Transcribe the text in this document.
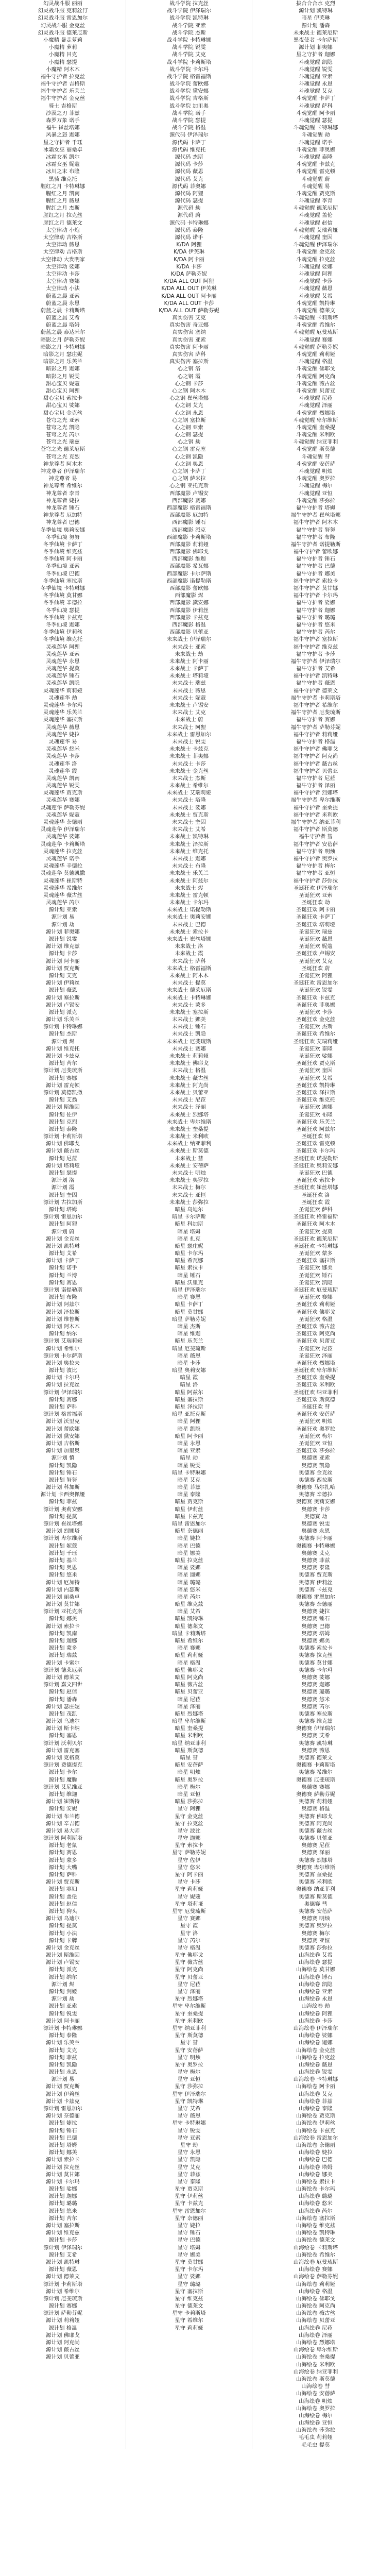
幻灵战斗服 丽丽	战斗学院 拉克丝	拔合合合水 克烈
幻灵战斗服 克莉丝汀	战斗学院 伊泽瑞尔	源计划 凯特琳
幻灵战斗服 雷恩加尔	战斗学院 凯特琳	暗星 伊芙琳
幻灵战斗服 金克丝	战斗学院 亚索	源计划 潘森
幻灵战斗服 德莱厄斯	战斗学院 杰斯	未来战士 德莱厄斯
小魔精 暴走萝莉	战斗学院 卡特琳娜	黑夜使者 卡尔萨斯
小魔精 萝莉	战斗学院 锐雯	源计划 菲奥娜
小魔精 吕克	战斗学院 艾克	星之守护者 迦娜
小魔精 瑟提	战斗学院 卡莉斯塔	斗魂觉醒 凯隐
小魔精 阿木木	战斗学院 卡尔玛	斗魂觉醒 锐雯
福牛守护者 拉克丝	战斗学院 格雷福斯	斗魂觉醒 亚索
福牛守护者 吉格斯	战斗学院 蕾欧娜	斗魂觉醒 永恩
福牛守护者 乐芙兰	战斗学院 黛安娜	斗魂觉醒 艾克
福牛守护者 金克丝	战斗学院 吉格斯	斗魂觉醒 卡萨丁
骑士 吉格斯	战斗学院 加里奥	斗魂觉醒 萨科
沙漠之刃 菲兹	战斗学院 诺手	斗魂觉醒 阿卡丽
森罗万象 诺手	战斗学院 瑟提	斗魂觉醒 瑟提
福牛 崔丝塔娜	战斗学院 格温	斗魂觉醒 卡特琳娜
风暴之怒 迦娜	源代码 伊泽瑞尔	斗魂觉醒 劫
星之守护者 千珏	源代码 卡萨丁	斗魂觉醒 诺手
冰霜女巫 丽桑卓	源代码 维克托	斗魂觉醒 菲奥娜
冰霜女巫 凯尔	源代码 杰斯	斗魂觉醒 泰隆
冰霜女巫 妮蔻	源代码 卡莎	斗魂觉醒 卡兹克
冰川之末 布隆	源代码 薇恩	斗魂觉醒 雷克顿
黑骑 维克托	源代码 艾克	斗魂觉醒 蔚
腥红之月 卡特琳娜	源代码 菲奥娜	斗魂觉醒 易
腥红之月 凯南	源代码 阿狸	斗魂觉醒 贾克斯
腥红之月 薇恩	源代码 瑟提	斗魂觉醒 李青
腥红之月 杰斯	源代码 劫	斗魂觉醒 德莱厄斯
腥红之月 拉克丝	源代码 蔚	斗魂觉醒 盖伦
腥红之月 德莱文	源代码 卡特琳娜	斗魂觉醒 赵信
太空律动 小炮	源代码 泰隆	斗魂觉醒 艾瑞莉娅
太空律动 吉格斯	源代码 诺手	斗魂觉醒 奎因
太空律动 薇恩	K/DA 阿狸	斗魂觉醒 伊泽瑞尔
太空律动 吉格斯	K/DA 伊芙琳	斗魂觉醒 金克丝
太空律动 大发明家	K/DA 阿卡丽	斗魂觉醒 拉克丝
太空律动 娑娜	K/DA 卡莎	斗魂觉醒 娑娜
太空律动 卡莎	K/DA 萨勒芬妮	斗魂觉醒 阿狸
太空律动 赛娜	K/DA ALL OUT 阿狸	斗魂觉醒 卡莎
太空律动 小法	K/DA ALL OUT 伊芙琳	斗魂觉醒 薇恩
蔚蓝之晨 亚索	K/DA ALL OUT 阿卡丽	斗魂觉醒 艾希
蔚蓝之晨 永恩	K/DA ALL OUT 卡莎	斗魂觉醒 凯特琳
蔚蓝之晨 卡莉斯塔	K/DA ALL OUT 萨勒芬妮	斗魂觉醒 德莱文
蔚蓝之晨 艾希	真实伤害 艾克	斗魂觉醒 卡莉斯塔
蔚蓝之晨 塔姆	真实伤害 奇亚娜	斗魂觉醒 希维尔
蔚蓝之晨 泰达米尔	真实伤害 塞纳	斗魂觉醒 厄斐琉斯
暗影之月 萨勒芬妮	真实伤害 亚索	斗魂觉醒 赛娜
暗影之月 卡特琳娜	真实伤害 阿卡丽	斗魂觉醒 萨勒芬妮
暗影之月 瑟庄妮	真实伤害 萨科	斗魂觉醒 莉莉娅
暗影之月 乐芙兰	真实伤害 塞拉斯	斗魂觉醒 格温
暗影之月 迦娜	心之钢 洛	斗魂觉醒 佛耶戈
暗影之月 锐雯	心之钢 霞	斗魂觉醒 阿克尚
甜心宝贝 妮蔻	心之钢 卡莎	斗魂觉醒 薇古丝
甜心宝贝 阿狸	心之钢 阿木木	斗魂觉醒 贝蕾亚
甜心宝贝 索拉卡	心之钢 崔丝塔娜	斗魂觉醒 尼菈
甜心宝贝 娑娜	心之钢 艾克	斗魂觉醒 泽丽
甜心宝贝 金克丝	心之钢 永恩	斗魂觉醒 烈娜塔
苍穹之光 亚索	心之钢 塞拉斯	斗魂觉醒 卑尔维斯
苍穹之光 凯隐	心之钢 亚索	斗魂觉醒 奎桑提
苍穹之光 芮尔	心之钢 瑟提	斗魂觉醒 米利欧
苍穹之光 瑞兹	心之钢 劫	斗魂觉醒 纳亚菲利
苍穹之光 德莱厄斯	心之钢 雷克塞	斗魂觉醒 斯莫德
苍穹之光 克烈	心之钢 凯隐	斗魂觉醒 彗
神龙尊者 阿木木	心之钢 奥恩	斗魂觉醒 安蓓萨
神龙尊者 伊泽瑞尔	心之钢 卡萨丁	斗魂觉醒 明烛
神龙尊者 易	心之钢 萨米拉	斗魂觉醒 奥罗拉
神龙尊者 希维尔	心之钢 亚托克斯	斗魂觉醒 梅尔
神龙尊者 李青	西部魔影 卢锡安	斗魂觉醒 亚恒
神龙尊者 婕拉	西部魔影 赛娜	斗魂觉醒 莎弥拉
神龙尊者 锤石	西部魔影 格雷福斯	福牛守护者 塔姆
神龙尊者 厄加特	西部魔影 厄加特	福牛守护者 崔丝塔娜
神龙尊者 巴德	西部魔影 锤石	福牛守护者 阿木木
冬季仙境 奥莉安娜	西部魔影 派克	福牛守护者 努努
冬季仙境 努努	西部魔影 卡莉斯塔	福牛守护者 布隆
冬季仙境 卡萨丁	西部魔影 莉莉娅	福牛守护者 诺提勒斯
冬季仙境 维克兹	西部魔影 佛耶戈	福牛守护者 蕾欧娜
冬季仙境 阿卡丽	西部魔影 维迦	福牛守护者 锤石
冬季仙境 亚索	西部魔影 希瓦娜	福牛守护者 巴德
冬季仙境 巴德	西部魔影 卡尔萨斯	福牛守护者 娜美
冬季仙境 塞拉斯	西部魔影 诺提勒斯	福牛守护者 索拉卡
冬季仙境 卡特琳娜	西部魔影 蕾欧娜	福牛守护者 莫甘娜
冬季仙境 莫甘娜	西部魔影 烬	福牛守护者 卡尔玛
冬季仙境 辛德拉	西部魔影 黛安娜	福牛守护者 娑娜
冬季仙境 瑟提	西部魔影 伊莉丝	福牛守护者 迦娜
冬季仙境 卡兹克	西部魔影 卡兹克	福牛守护者 璐璐
冬季仙境 迦娜	西部魔影 格温	福牛守护者 悠米
冬季仙境 伊莉丝	西部魔影 贝蕾亚	福牛守护者 芮尔
冬季仙境 维克托	未来战士 伊泽瑞尔	福牛守护者 塞拉斯
灵魂莲华 阿狸	未来战士 亚索	福牛守护者 维克兹
灵魂莲华 亚索	未来战士 劫	福牛守护者 卡莎
灵魂莲华 永恩	未来战士 阿卡丽	福牛守护者 伊泽瑞尔
灵魂莲华 提莫	未来战士 卡萨丁	福牛守护者 艾希
灵魂莲华 锤石	未来战士 塔莉垭	福牛守护者 凯特琳
灵魂莲华 凯隐	未来战士 瑞兹	福牛守护者 薇恩
灵魂莲华 莉莉娅	未来战士 薇恩	福牛守护者 德莱文
灵魂莲华 劫	未来战士 妮蔻	福牛守护者 卡莉斯塔
灵魂莲华 卡尔玛	未来战士 卢锡安	福牛守护者 希维尔
灵魂莲华 乐芙兰	未来战士 艾克	福牛守护者 厄斐琉斯
灵魂莲华 塞拉斯	未来战士 蔚	福牛守护者 赛娜
灵魂莲华 薇恩	未来战士 阿狸	福牛守护者 萨勒芬妮
灵魂莲华 婕拉	未来战士 雷恩加尔	福牛守护者 莉莉娅
灵魂莲华 易	未来战士 锐雯	福牛守护者 格温
灵魂莲华 悠米	未来战士 卡兹克	福牛守护者 佛耶戈
灵魂莲华 卡莎	未来战士 菲奥娜	福牛守护者 阿克尚
灵魂莲华 洛	未来战士 卡莎	福牛守护者 薇古丝
灵魂莲华 霞	未来战士 金克丝	福牛守护者 贝蕾亚
灵魂莲华 凯南	未来战士 杰斯	福牛守护者 尼菈
灵魂莲华 锐雯	未来战士 希维尔	福牛守护者 泽丽
灵魂莲华 贾克斯	未来战士 艾瑞莉娅	福牛守护者 烈娜塔
灵魂莲华 赛娜	未来战士 塔隆	福牛守护者 卑尔维斯
灵魂莲华 萨勒芬妮	未来战士 娑娜	福牛守护者 奎桑提
灵魂莲华 妮蔻	未来战士 贾克斯	福牛守护者 米利欧
灵魂莲华 奈德丽	未来战士 奎因	福牛守护者 纳亚菲利
灵魂莲华 伊泽瑞尔	未来战士 艾希	福牛守护者 斯莫德
灵魂莲华 娑娜	未来战士 凯特琳	福牛守护者 彗
灵魂莲华 卡莉斯塔	未来战士 泽拉斯	福牛守护者 安蓓萨
灵魂莲华 拉克丝	未来战士 维克托	福牛守护者 明烛
灵魂莲华 诺手	未来战士 迦娜	福牛守护者 奥罗拉
灵魂莲华 辛德拉	未来战士 布隆	福牛守护者 梅尔
灵魂莲华 莫德凯撒	未来战士 乐芙兰	福牛守护者 亚恒
灵魂莲华 崔斯特	未来战士 阿兹尔	福牛守护者 莎弥拉
灵魂莲华 希维尔	未来战士 烬	圣诞狂欢 伊泽瑞尔
灵魂莲华 薇古丝	未来战士 雷克顿	圣诞狂欢 亚索
灵魂莲华 芮尔	未来战士 卡尔玛	圣诞狂欢 劫
源计划 亚索	未来战士 诺提勒斯	圣诞狂欢 阿卡丽
源计划 易	未来战士 奥莉安娜	圣诞狂欢 卡萨丁
源计划 劫	未来战士 巴德	圣诞狂欢 塔莉垭
源计划 菲奥娜	未来战士 索拉卡	圣诞狂欢 瑞兹
源计划 锐雯	未来战士 崔丝塔娜	圣诞狂欢 薇恩
源计划 维克兹	未来战士 洛	圣诞狂欢 妮蔻
源计划 卡莎	未来战士 霞	圣诞狂欢 卢锡安
源计划 阿卡丽	未来战士 萨科	圣诞狂欢 艾克
源计划 贾克斯	未来战士 格雷福斯	圣诞狂欢 蔚
源计划 艾克	未来战士 阿木木	圣诞狂欢 阿狸
源计划 伊莉丝	未来战士 提莫	圣诞狂欢 雷恩加尔
源计划 薇恩	未来战士 德莱厄斯	圣诞狂欢 锐雯
源计划 塞拉斯	未来战士 卡特琳娜	圣诞狂欢 卡兹克
源计划 卢锡安	未来战士 蒙多	圣诞狂欢 菲奥娜
源计划 派克	未来战士 塞拉斯	圣诞狂欢 卡莎
源计划 乐芙兰	未来战士 娜美	圣诞狂欢 金克丝
源计划 卡特琳娜	未来战士 锤石	圣诞狂欢 杰斯
源计划 杰斯	未来战士 凯隐	圣诞狂欢 希维尔
源计划 烬	未来战士 厄斐琉斯	圣诞狂欢 艾瑞莉娅
源计划 维克托	未来战士 赛娜	圣诞狂欢 泰隆
源计划 卡兹克	未来战士 莉莉娅	圣诞狂欢 娑娜
源计划 芮尔	未来战士 佛耶戈	圣诞狂欢 贾克斯
源计划 厄斐琉斯	未来战士 格温	圣诞狂欢 奎因
源计划 赛娜	未来战士 薇古丝	圣诞狂欢 艾希
源计划 雷克顿	未来战士 阿克尚	圣诞狂欢 凯特琳
源计划 莫德凯撒	未来战士 贝蕾亚	圣诞狂欢 泽拉斯
源计划 艾翁	未来战士 尼菈	圣诞狂欢 维克托
源计划 斯维因	未来战士 泽丽	圣诞狂欢 迦娜
源计划 佐伊	未来战士 烈娜塔	圣诞狂欢 布隆
源计划 克烈	未来战士 卑尔维斯	圣诞狂欢 乐芙兰
源计划 泰隆	未来战士 奎桑提	圣诞狂欢 阿兹尔
源计划 卡莉斯塔	未来战士 米利欧	圣诞狂欢 烬
源计划 佛耶戈	未来战士 纳亚菲利	圣诞狂欢 雷克顿
源计划 薇古丝	未来战士 斯莫德	圣诞狂欢 卡尔玛
源计划 尼菈	未来战士 彗	圣诞狂欢 诺提勒斯
源计划 塔莉垭	未来战士 安蓓萨	圣诞狂欢 奥莉安娜
源计划 瑟提	未来战士 明烛	圣诞狂欢 巴德
源计划 洛	未来战士 奥罗拉	圣诞狂欢 索拉卡
源计划 霞	未来战士 梅尔	圣诞狂欢 崔丝塔娜
源计划 奎因	未来战士 亚恒	圣诞狂欢 洛
源计划 古拉加斯	未来战士 莎弥拉	圣诞狂欢 霞
源计划 塔姆	暗星 乌迪尔	圣诞狂欢 萨科
源计划 雷恩加尔	暗星 卡尔萨斯	圣诞狂欢 格雷福斯
源计划 阿狸	暗星 科加斯	圣诞狂欢 阿木木
源计划 蔚	暗星 塔姆	圣诞狂欢 提莫
源计划 金克丝	暗星 扎克	圣诞狂欢 德莱厄斯
源计划 凯特琳	暗星 瑟庄妮	圣诞狂欢 卡特琳娜
源计划 艾希	暗星 卡尔玛	圣诞狂欢 蒙多
源计划 卡萨丁	暗星 希瓦娜	圣诞狂欢 塞拉斯
源计划 诺手	暗星 索拉卡	圣诞狂欢 娜美
源计划 兰博	暗星 锤石	圣诞狂欢 锤石
源计划 赛恩	暗星 沃里克	圣诞狂欢 凯隐
源计划 诺提勒斯	暗星 伊泽瑞尔	圣诞狂欢 厄斐琉斯
源计划 布隆	暗星 赛恩	圣诞狂欢 赛娜
源计划 阿兹尔	暗星 卡萨丁	圣诞狂欢 莉莉娅
源计划 泽拉斯	暗星 莫甘娜	圣诞狂欢 佛耶戈
源计划 维鲁斯	暗星 萨勒芬妮	圣诞狂欢 格温
源计划 阿木木	暗星 杰斯	圣诞狂欢 薇古丝
源计划 纳尔	暗星 维迦	圣诞狂欢 阿克尚
源计划 艾瑞莉娅	暗星 乐芙兰	圣诞狂欢 贝蕾亚
源计划 希维尔	暗星 厄斐琉斯	圣诞狂欢 尼菈
源计划 卡尔萨斯	暗星 薇恩	圣诞狂欢 泽丽
源计划 奥拉夫	暗星 卡莎	圣诞狂欢 烈娜塔
源计划 波比	暗星 奥莉安娜	圣诞狂欢 卑尔维斯
源计划 卡尔玛	暗星 霞	圣诞狂欢 奎桑提
源计划 拉克丝	暗星 洛	圣诞狂欢 米利欧
源计划 伊泽瑞尔	暗星 阿兹尔	圣诞狂欢 纳亚菲利
源计划 赛娜	暗星 塞拉斯	圣诞狂欢 斯莫德
源计划 萨科	暗星 泽拉斯	圣诞狂欢 彗
源计划 格雷福斯	暗星 亚托克斯	圣诞狂欢 安蓓萨
源计划 沃里克	暗星 阿狸	圣诞狂欢 明烛
源计划 蕾欧娜	暗星 凯隐	圣诞狂欢 奥罗拉
源计划 黛安娜	暗星 阿卡丽	圣诞狂欢 梅尔
源计划 吉格斯	暗星 永恩	圣诞狂欢 亚恒
源计划 加里奥	暗星 亚索	圣诞狂欢 莎弥拉
源计划 慎	暗星 劫	奥德赛 亚索
源计划 凯隐	暗星 锐雯	奥德赛 凯隐
源计划 锤石	暗星 卡特琳娜	奥德赛 金克丝
源计划 努努	暗星 艾克	奥德赛 西拉斯
源计划 科加斯	暗星 菲兹	奥德赛 马尔扎哈
源计划 卡西奥佩娅	暗星 泰隆	奥德赛 辛德拉
源计划 菲兹	暗星 贾克斯	奥德赛 奥莉安娜
源计划 奥莉安娜	暗星 伊莉丝	奥德赛 卡莎
源计划 提莫	暗星 卡兹克	奥德赛 劫
源计划 崔丝塔娜	暗星 雷恩加尔	奥德赛 锐雯
源计划 烈娜塔	暗星 奈德丽	奥德赛 永恩
源计划 卑尔维斯	暗星 婕拉	奥德赛 阿卡丽
源计划 妮蔻	暗星 巴德	奥德赛 卡特琳娜
源计划 千珏	暗星 娜美	奥德赛 艾克
源计划 基兰	暗星 拉克丝	奥德赛 菲兹
源计划 奥恩	暗星 娑娜	奥德赛 泰隆
源计划 悠米	暗星 迦娜	奥德赛 贾克斯
源计划 厄加特	暗星 璐璐	奥德赛 伊莉丝
源计划 内瑟斯	暗星 悠米	奥德赛 卡兹克
源计划 丽桑卓	暗星 芮尔	奥德赛 雷恩加尔
源计划 莫甘娜	暗星 维克兹	奥德赛 奈德丽
源计划 亚托克斯	暗星 艾希	奥德赛 婕拉
源计划 娜美	暗星 凯特琳	奥德赛 锤石
源计划 索拉卡	暗星 德莱文	奥德赛 巴德
源计划 凯南	暗星 卡莉斯塔	奥德赛 塔姆
源计划 迦娜	暗星 希维尔	奥德赛 娜美
源计划 蒙多	暗星 赛娜	奥德赛 索拉卡
源计划 瑞兹	暗星 莉莉娅	奥德赛 拉克丝
源计划 卡蜜尔	暗星 格温	奥德赛 莫甘娜
源计划 德莱厄斯	暗星 佛耶戈	奥德赛 卡尔玛
源计划 德莱文	暗星 阿克尚	奥德赛 娑娜
源计划 嘉文四世	暗星 薇古丝	奥德赛 迦娜
源计划 赵信	暗星 贝蕾亚	奥德赛 璐璐
源计划 潘森	暗星 尼菈	奥德赛 悠米
源计划 瑟庄妮	暗星 泽丽	奥德赛 芮尔
源计划 茂凯	暗星 烈娜塔	奥德赛 塞拉斯
源计划 乌迪尔	暗星 卑尔维斯	奥德赛 维克兹
源计划 斯卡纳	暗星 奎桑提	奥德赛 伊泽瑞尔
源计划 塞恩	暗星 米利欧	奥德赛 艾希
源计划 沃利贝尔	暗星 纳亚菲利	奥德赛 凯特琳
源计划 雷克塞	暗星 斯莫德	奥德赛 薇恩
源计划 克格莫	暗星 彗	奥德赛 德莱文
源计划 费德提克	暗星 安蓓萨	奥德赛 卡莉斯塔
源计划 卡尔	暗星 明烛	奥德赛 希维尔
源计划 魔腾	暗星 奥罗拉	奥德赛 厄斐琉斯
源计划 艾尼维亚	暗星 梅尔	奥德赛 赛娜
源计划 维迦	暗星 亚恒	奥德赛 萨勒芬妮
源计划 崔斯特	暗星 莎弥拉	奥德赛 莉莉娅
源计划 安妮	星守 阿狸	奥德赛 格温
源计划 布兰德	星守 金克丝	奥德赛 佛耶戈
源计划 辛吉德	星守 拉克丝	奥德赛 阿克尚
源计划 易大师	星守 波比	奥德赛 薇古丝
源计划 阿利斯塔	星守 迦娜	奥德赛 贝蕾亚
源计划 老鼠	星守 索拉卡	奥德赛 尼菈
源计划 赛恩	星守 萨勒芬妮	奥德赛 泽丽
源计划 蒙多	星守 佐伊	奥德赛 烈娜塔
源计划 大嘴	星守 悠米	奥德赛 卑尔维斯
源计划 萨科	星守 阿卡丽	奥德赛 奎桑提
源计划 贾克斯	星守 卡莎	奥德赛 米利欧
源计划 寡妇	星守 莉莉娅	奥德赛 纳亚菲利
源计划 盖伦	星守 妮蔻	奥德赛 斯莫德
源计划 赵信	星守 塔莉垭	奥德赛 彗
源计划 狗头	星守 厄斐琉斯	奥德赛 安蓓萨
源计划 乌迪尔	星守 赛娜	奥德赛 明烛
源计划 提莫	星守 霞	奥德赛 奥罗拉
源计划 小法	星守 洛	奥德赛 梅尔
源计划 卡牌	星守 芮尔	奥德赛 亚恒
源计划 金克丝	星守 格温	奥德赛 莎弥拉
源计划 斯维因	星守 佛耶戈	山海绘卷 艾希
源计划 卢锡安	星守 薇古丝	山海绘卷 瑟提
源计划 派克	星守 阿克尚	山海绘卷 莫甘娜
源计划 纳尔	星守 贝蕾亚	山海绘卷 锤石
源计划 烬	星守 尼菈	山海绘卷 凯隐
源计划 剑姬	星守 泽丽	山海绘卷 亚索
源计划 劫	星守 烈娜塔	山海绘卷 永恩
源计划 亚索	星守 卑尔维斯	山海绘卷 劫
源计划 锐雯	星守 奎桑提	山海绘卷 阿狸
源计划 阿卡丽	星守 米利欧	山海绘卷 卡莎
源计划 卡特琳娜	星守 纳亚菲利	山海绘卷 伊泽瑞尔
源计划 泰隆	星守 斯莫德	山海绘卷 娑娜
源计划 乐芙兰	星守 彗	山海绘卷 迦娜
源计划 艾克	星守 安蓓萨	山海绘卷 金克丝
源计划 菲兹	星守 明烛	山海绘卷 拉克丝
源计划 凯隐	星守 奥罗拉	山海绘卷 薇恩
源计划 永恩	星守 梅尔	山海绘卷 锐雯
源计划 易	星守 亚恒	山海绘卷 卡特琳娜
源计划 贾克斯	星守 莎弥拉	山海绘卷 阿卡丽
源计划 伊莉丝	星守 伊泽瑞尔	山海绘卷 艾克
源计划 卡兹克	星守 凯特琳	山海绘卷 菲兹
源计划 雷恩加尔	星守 艾希	山海绘卷 泰隆
源计划 奈德丽	星守 薇恩	山海绘卷 贾克斯
源计划 婕拉	星守 卡特琳娜	山海绘卷 伊莉丝
源计划 锤石	星守 锐雯	山海绘卷 卡兹克
源计划 巴德	星守 亚索	山海绘卷 雷恩加尔
源计划 塔姆	星守 劫	山海绘卷 奈德丽
源计划 娜美	星守 永恩	山海绘卷 婕拉
源计划 索拉卡	星守 凯隐	山海绘卷 巴德
源计划 拉克丝	星守 艾克	山海绘卷 塔姆
源计划 莫甘娜	星守 菲兹	山海绘卷 娜美
源计划 卡尔玛	星守 泰隆	山海绘卷 索拉卡
源计划 娑娜	星守 贾克斯	山海绘卷 卡尔玛
源计划 迦娜	星守 伊莉丝	山海绘卷 璐璐
源计划 璐璐	星守 卡兹克	山海绘卷 悠米
源计划 悠米	星守 雷恩加尔	山海绘卷 芮尔
源计划 芮尔	星守 奈德丽	山海绘卷 塞拉斯
源计划 塞拉斯	星守 婕拉	山海绘卷 维克兹
源计划 维克兹	星守 锤石	山海绘卷 凯特琳
源计划 卡莎	星守 巴德	山海绘卷 德莱文
源计划 伊泽瑞尔	星守 塔姆	山海绘卷 卡莉斯塔
源计划 艾希	星守 娜美	山海绘卷 希维尔
源计划 凯特琳	星守 莫甘娜	山海绘卷 厄斐琉斯
源计划 薇恩	星守 卡尔玛	山海绘卷 赛娜
源计划 德莱文	星守 娑娜	山海绘卷 萨勒芬妮
源计划 卡莉斯塔	星守 璐璐	山海绘卷 莉莉娅
源计划 希维尔	星守 塞拉斯	山海绘卷 格温
源计划 厄斐琉斯	星守 维克兹	山海绘卷 佛耶戈
源计划 赛娜	星守 德莱文	山海绘卷 阿克尚
源计划 萨勒芬妮	星守 卡莉斯塔	山海绘卷 薇古丝
源计划 莉莉娅	星守 希维尔	山海绘卷 贝蕾亚
源计划 格温	星守 莉莉娅	山海绘卷 尼菈
源计划 佛耶戈	山海绘卷 泽丽
源计划 阿克尚	山海绘卷 烈娜塔
源计划 薇古丝	山海绘卷 卑尔维斯
源计划 贝蕾亚	山海绘卷 奎桑提
山海绘卷 米利欧
山海绘卷 纳亚菲利
山海绘卷 斯莫德
山海绘卷 彗
山海绘卷 安蓓萨
山海绘卷 明烛
山海绘卷 奥罗拉
山海绘卷 梅尔
山海绘卷 亚恒
山海绘卷 莎弥拉
毛毛虫 莉莉娅
毛毛虫 提莫
